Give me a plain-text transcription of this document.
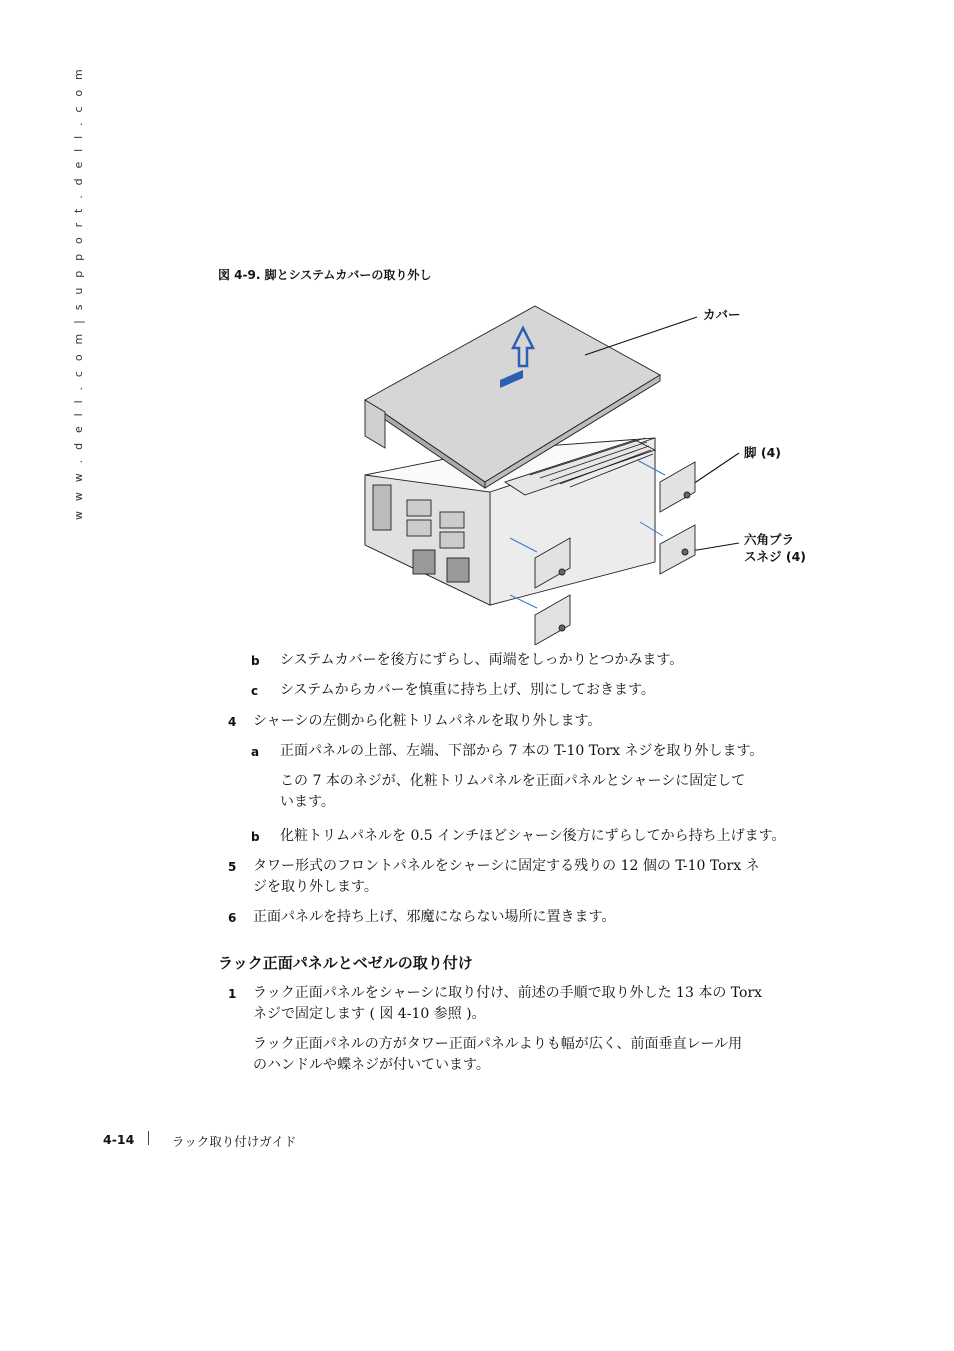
w w w . d e l l . c o m | s u p p o r t . d e l l . c o m	図 4-9. 脚とシステムカバーの取り外し
カバー
脚 (4)
六角プラ
スネジ (4)
b システムカバーを後方にずらし、両端をしっかりとつかみます。
c システムからカバーを慎重に持ち上げ、別にしておきます。
4 シャーシの左側から化粧トリムパネルを取り外します。
a 正面パネルの上部、左端、下部から 7 本の T-10 Torx ネジを取り外します。
この 7 本のネジが、化粧トリムパネルを正面パネルとシャーシに固定して
います。
b 化粧トリムパネルを 0.5 インチほどシャーシ後方にずらしてから持ち上げます。
5 タワー形式のフロントパネルをシャーシに固定する残りの 12 個の T-10 Torx ネ
ジを取り外します。
6 正面パネルを持ち上げ、邪魔にならない場所に置きます。
ラック正面パネルとベゼルの取り付け
1 ラック正面パネルをシャーシに取り付け、前述の手順で取り外した 13 本の Torx
ネジで固定します ( 図 4-10 参照 )。
ラック正面パネルの方がタワー正面パネルよりも幅が広く、前面垂直レール用
のハンドルや蝶ネジが付いています。
4-14	ラック取り付けガイド
